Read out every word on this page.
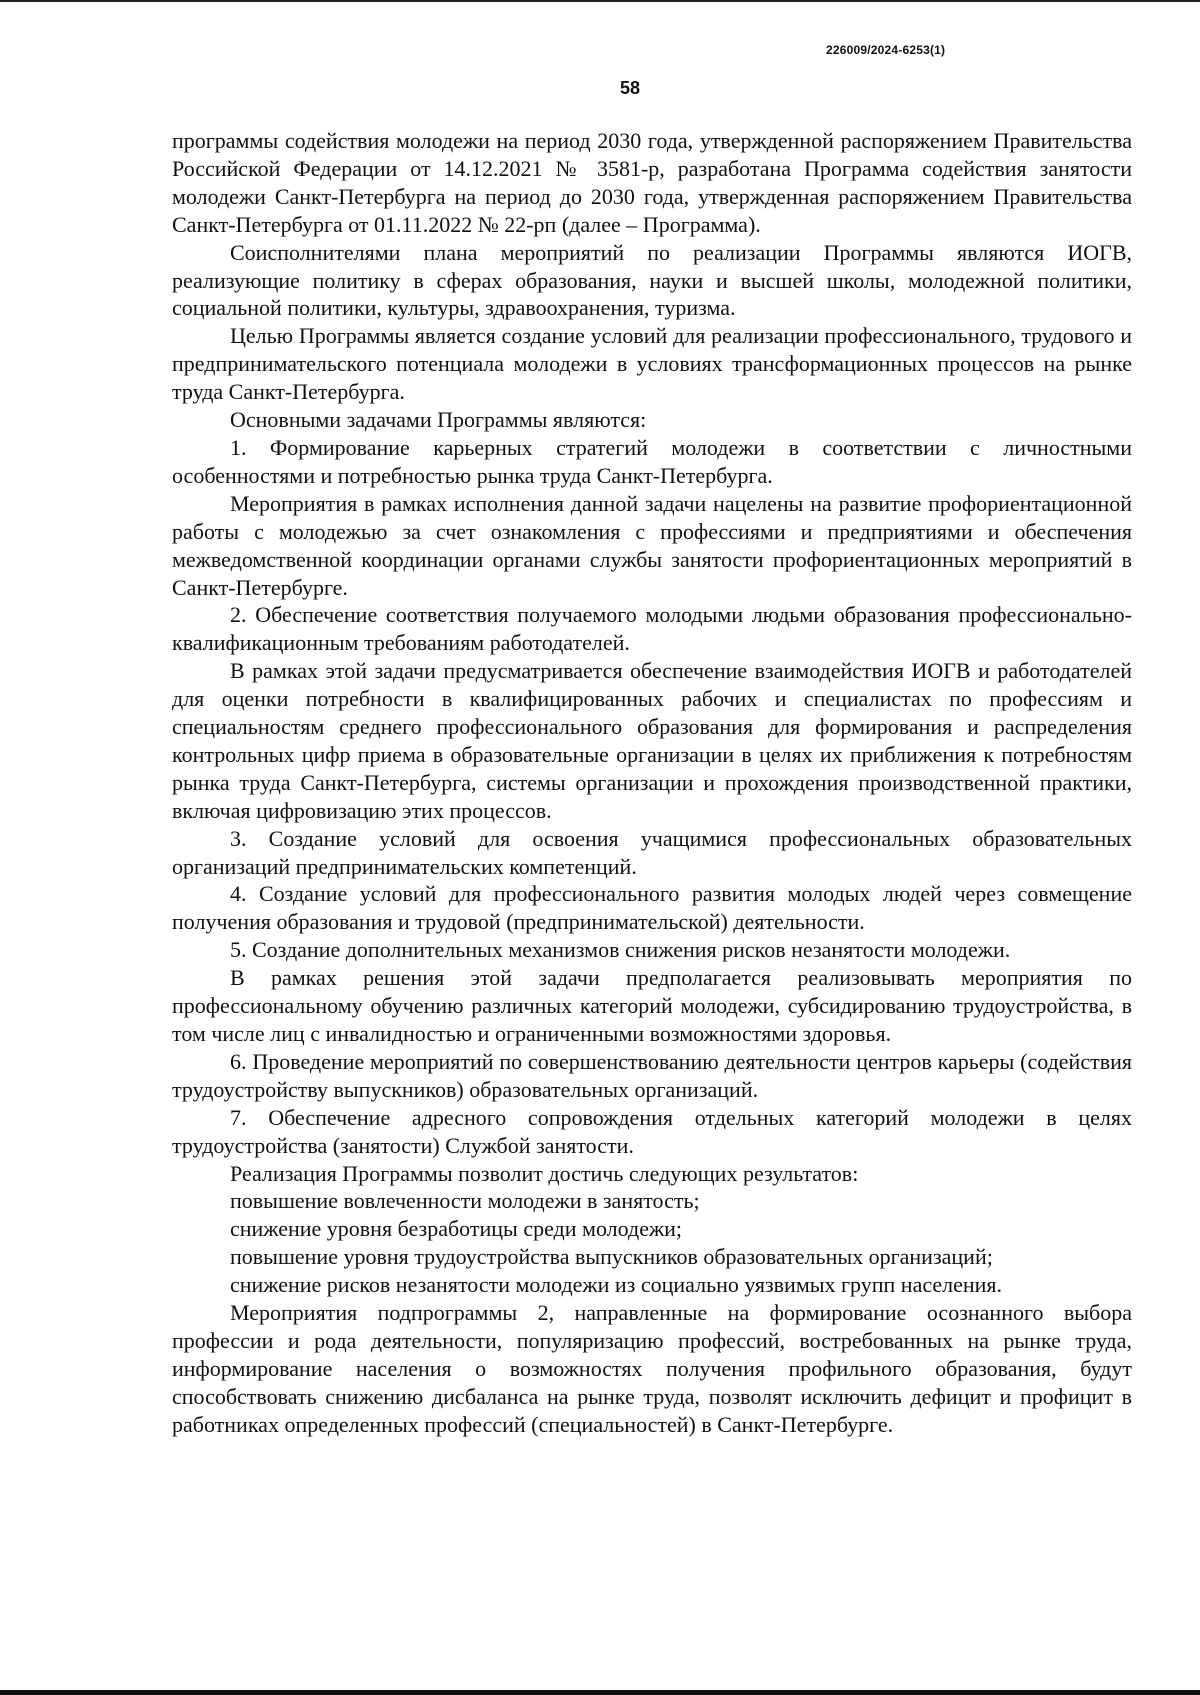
226009/2024-6253(1)
58

программы содействия молодежи на период 2030 года, утвержденной распоряжением Правительства Российской Федерации от 14.12.2021 № 3581-р, разработана Программа содействия занятости молодежи Санкт-Петербурга на период до 2030 года, утвержденная распоряжением Правительства Санкт-Петербурга от 01.11.2022 № 22-рп (далее – Программа).

Соисполнителями плана мероприятий по реализации Программы являются ИОГВ, реализующие политику в сферах образования, науки и высшей школы, молодежной политики, социальной политики, культуры, здравоохранения, туризма.

Целью Программы является создание условий для реализации профессионального, трудового и предпринимательского потенциала молодежи в условиях трансформационных процессов на рынке труда Санкт-Петербурга.

Основными задачами Программы являются:

1. Формирование карьерных стратегий молодежи в соответствии с личностными особенностями и потребностью рынка труда Санкт-Петербурга.

Мероприятия в рамках исполнения данной задачи нацелены на развитие профориентационной работы с молодежью за счет ознакомления с профессиями и предприятиями и обеспечения межведомственной координации органами службы занятости профориентационных мероприятий в Санкт-Петербурге.

2. Обеспечение соответствия получаемого молодыми людьми образования профессионально-квалификационным требованиям работодателей.

В рамках этой задачи предусматривается обеспечение взаимодействия ИОГВ и работодателей для оценки потребности в квалифицированных рабочих и специалистах по профессиям и специальностям среднего профессионального образования для формирования и распределения контрольных цифр приема в образовательные организации в целях их приближения к потребностям рынка труда Санкт-Петербурга, системы организации и прохождения производственной практики, включая цифровизацию этих процессов.

3. Создание условий для освоения учащимися профессиональных образовательных организаций предпринимательских компетенций.

4. Создание условий для профессионального развития молодых людей через совмещение получения образования и трудовой (предпринимательской) деятельности.

5. Создание дополнительных механизмов снижения рисков незанятости молодежи.

В рамках решения этой задачи предполагается реализовывать мероприятия по профессиональному обучению различных категорий молодежи, субсидированию трудоустройства, в том числе лиц с инвалидностью и ограниченными возможностями здоровья.

6. Проведение мероприятий по совершенствованию деятельности центров карьеры (содействия трудоустройству выпускников) образовательных организаций.

7. Обеспечение адресного сопровождения отдельных категорий молодежи в целях трудоустройства (занятости) Службой занятости.

Реализация Программы позволит достичь следующих результатов:

повышение вовлеченности молодежи в занятость;

снижение уровня безработицы среди молодежи;

повышение уровня трудоустройства выпускников образовательных организаций;

снижение рисков незанятости молодежи из социально уязвимых групп населения.

Мероприятия подпрограммы 2, направленные на формирование осознанного выбора профессии и рода деятельности, популяризацию профессий, востребованных на рынке труда, информирование населения о возможностях получения профильного образования, будут способствовать снижению дисбаланса на рынке труда, позволят исключить дефицит и профицит в работниках определенных профессий (специальностей) в Санкт-Петербурге.
